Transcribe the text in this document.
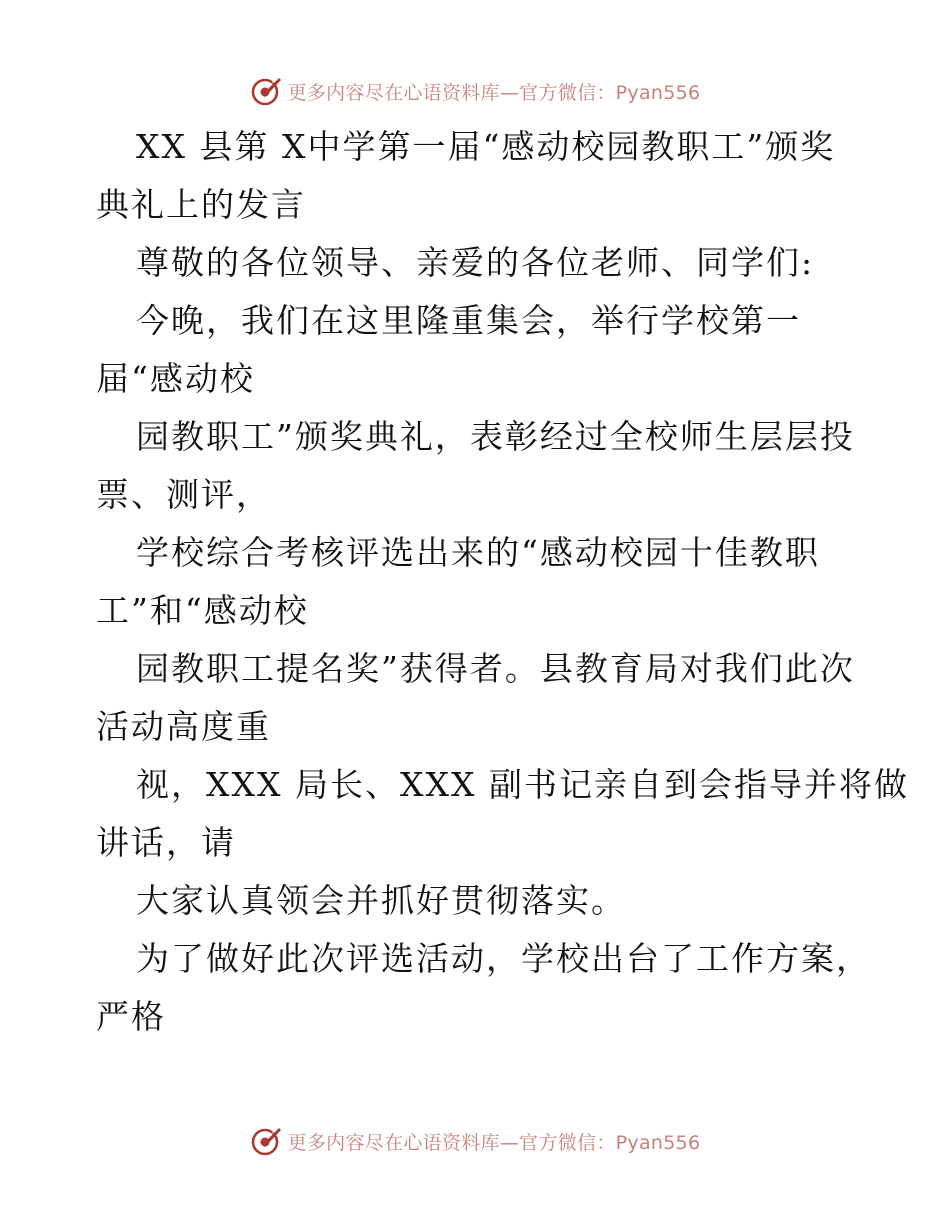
更多内容尽在心语资料库—官方微信：Pyan556
XX 县第 X中学第一届“感动校园教职工”颁奖
典礼上的发言
尊敬的各位领导、亲爱的各位老师、同学们:
今晚，我们在这里隆重集会，举行学校第一
届“感动校
园教职工”颁奖典礼，表彰经过全校师生层层投
票、测评，
学校综合考核评选出来的“感动校园十佳教职
工”和“感动校
园教职工提名奖”获得者。县教育局对我们此次
活动高度重
视，XXX 局长、XXX 副书记亲自到会指导并将做
讲话，请
大家认真领会并抓好贯彻落实。
为了做好此次评选活动，学校出台了工作方案，
严格
更多内容尽在心语资料库—官方微信：Pyan556
